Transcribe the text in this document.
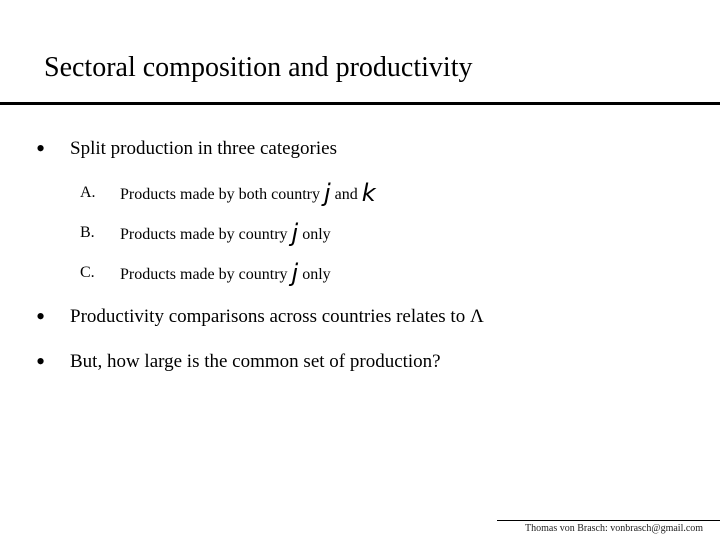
Sectoral composition and productivity
• Split production in three categories
A. Products made by both country j and k
B. Products made by country j only
C. Products made by country j only
• Productivity comparisons across countries relates to Λ
• But, how large is the common set of production?
Thomas von Brasch: vonbrasch@gmail.com
